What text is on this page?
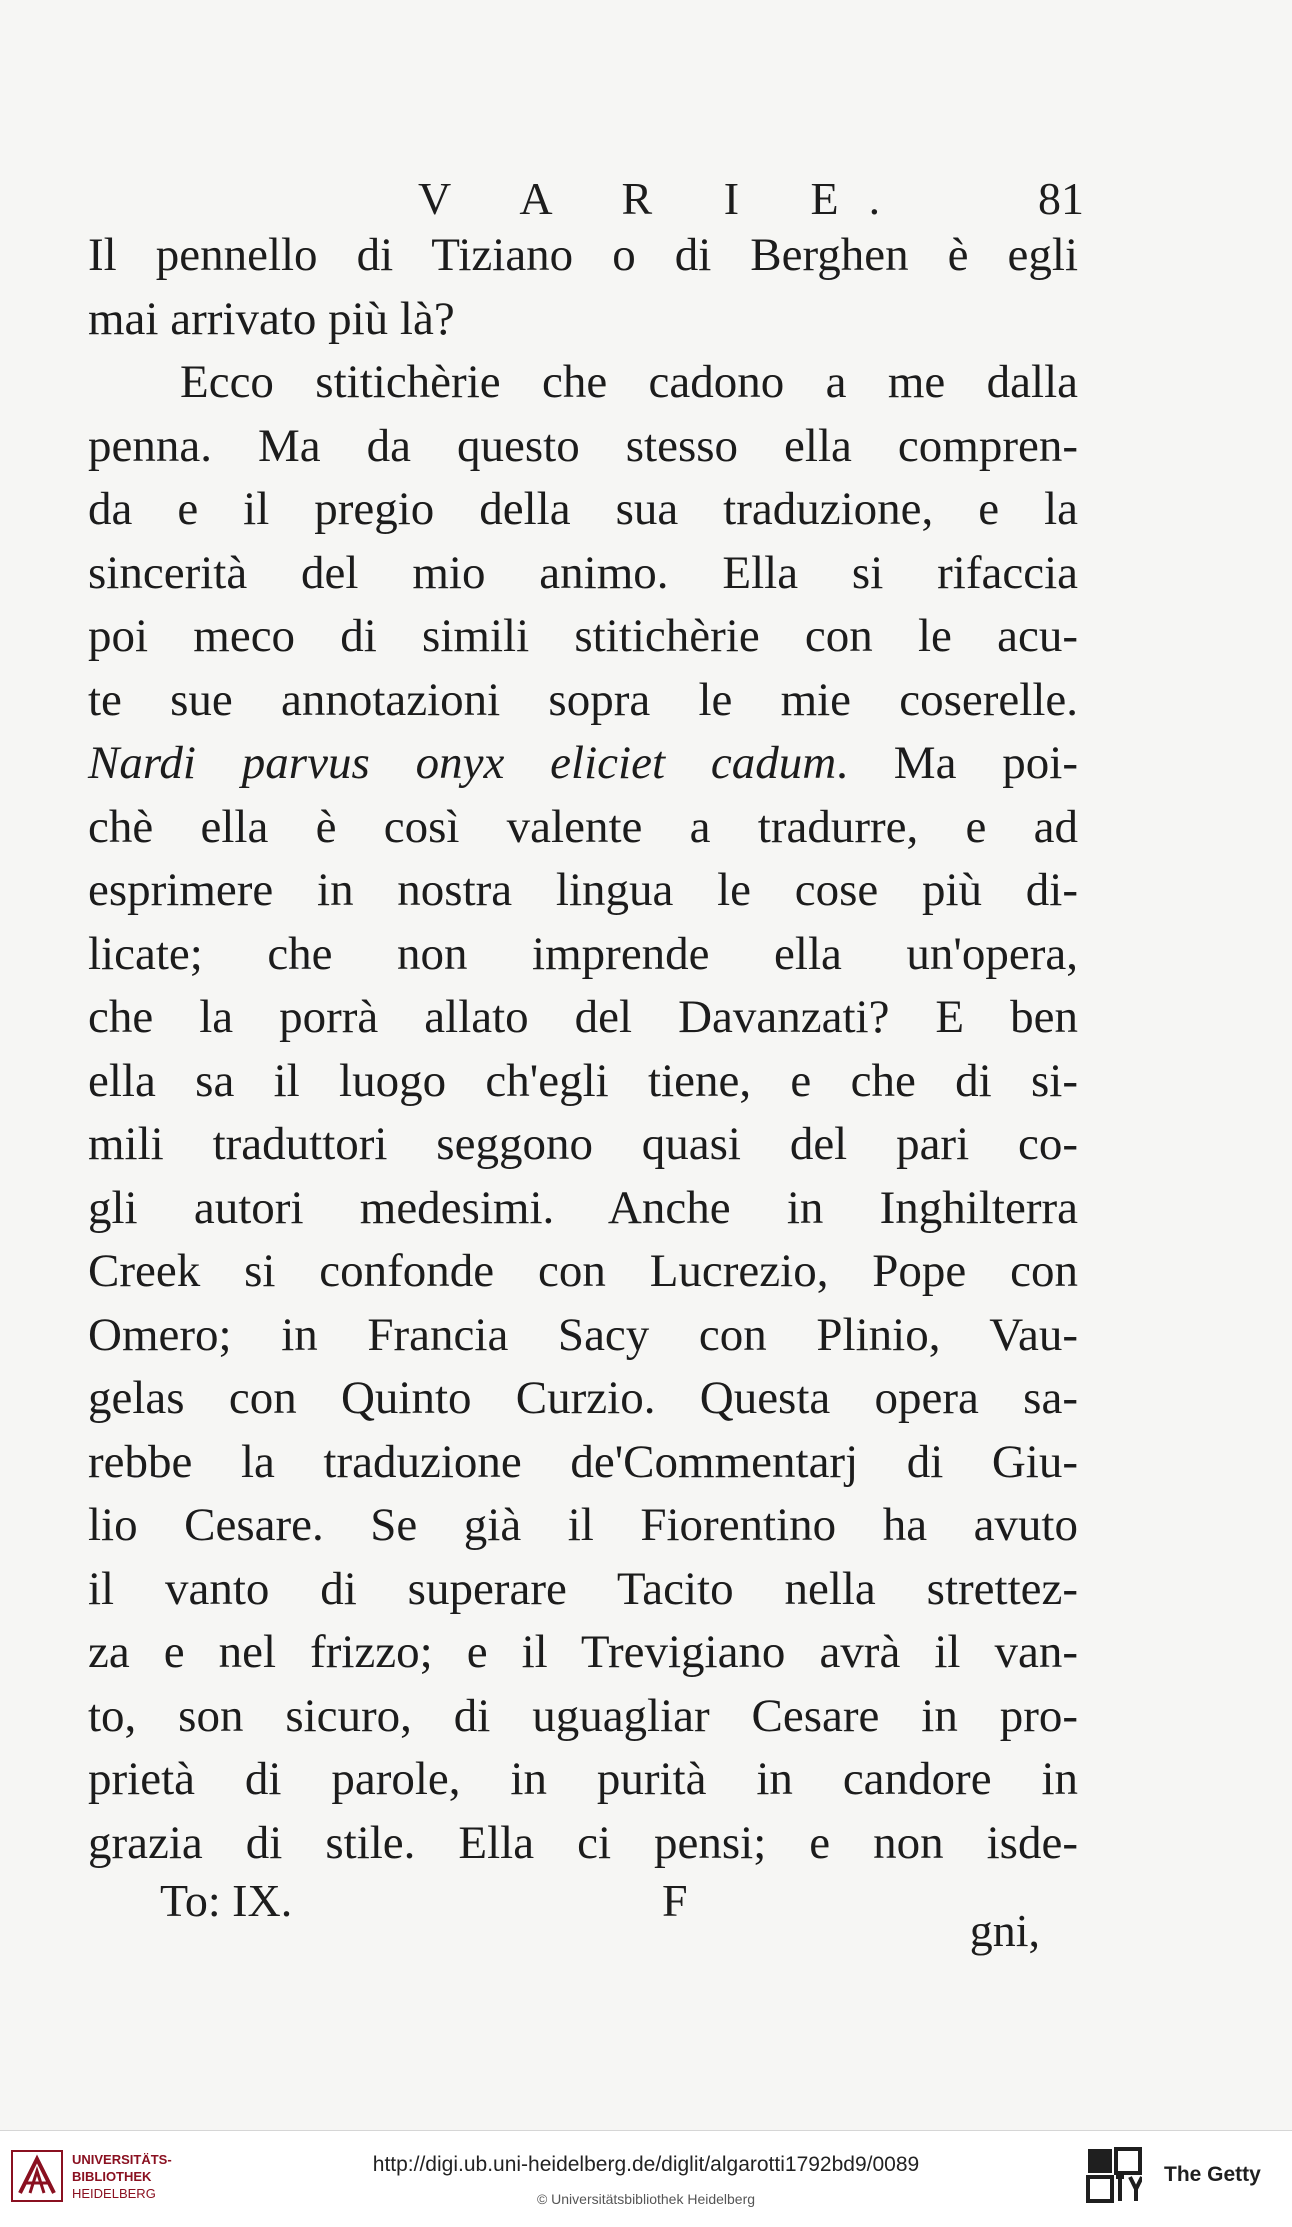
V A R I E.	81
Il pennello di Tiziano o di Berghen è egli
mai arrivato più là?
Ecco stitichèrie che cadono a me dalla
penna. Ma da questo stesso ella compren-
da e il pregio della sua traduzione, e la
sincerità del mio animo. Ella si rifaccia
poi meco di simili stitichèrie con le acu-
te sue annotazioni sopra le mie coserelle.
Nardi parvus onyx eliciet cadum. Ma poi-
chè ella è così valente a tradurre, e ad
esprimere in nostra lingua le cose più di-
licate; che non imprende ella un'opera,
che la porrà allato del Davanzati? E ben
ella sa il luogo ch'egli tiene, e che di si-
mili traduttori seggono quasi del pari co-
gli autori medesimi. Anche in Inghilterra
Creek si confonde con Lucrezio, Pope con
Omero; in Francia Sacy con Plinio, Vau-
gelas con Quinto Curzio. Questa opera sa-
rebbe la traduzione de'Commentarj di Giu-
lio Cesare. Se già il Fiorentino ha avuto
il vanto di superare Tacito nella strettez-
za e nel frizzo; e il Trevigiano avrà il van-
to, son sicuro, di uguagliar Cesare in pro-
prietà di parole, in purità in candore in
grazia di stile. Ella ci pensi; e non isde-
To: IX.	F
gni,
UNIVERSITÄTS-
BIBLIOTHEK
HEIDELBERG
http://digi.ub.uni-heidelberg.de/diglit/algarotti1792bd9/0089
© Universitätsbibliothek Heidelberg
The Getty
